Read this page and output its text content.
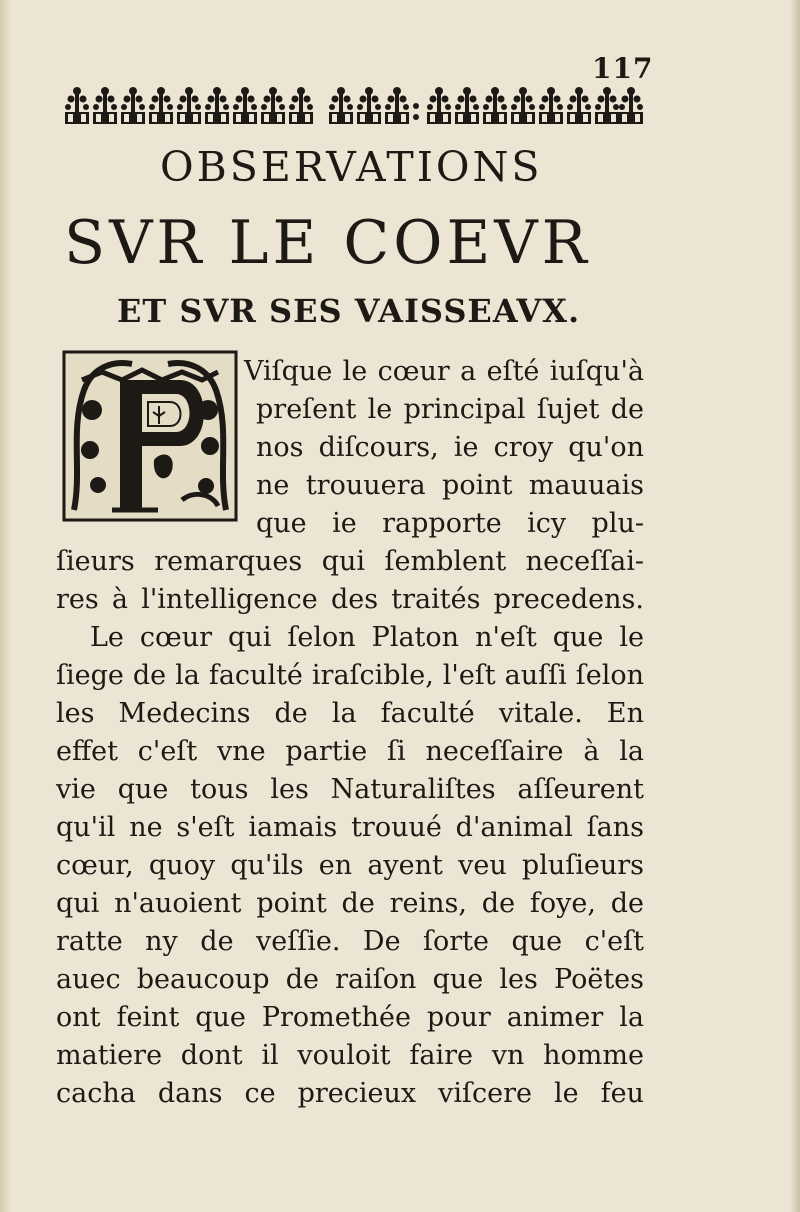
117
OBSERVATIONS
SVR LE COEVR
ET SVR SES VAISSEAVX.
Viſque le cœur a eſté iuſqu'à
preſent le principal ſujet de
nos diſcours, ie croy qu'on
ne trouuera point mauuais
que ie rapporte icy plu-
ſieurs remarques qui ſemblent neceſſai-
res à l'intelligence des traités precedens.
Le cœur qui ſelon Platon n'eſt que le
ſiege de la faculté iraſcible, l'eſt auſſi ſelon
les Medecins de la faculté vitale. En
effet c'eſt vne partie ſi neceſſaire à la
vie que tous les Naturaliſtes aſſeurent
qu'il ne s'eſt iamais trouué d'animal ſans
cœur, quoy qu'ils en ayent veu pluſieurs
qui n'auoient point de reins, de foye, de
ratte ny de veſſie. De ſorte que c'eſt
auec beaucoup de raiſon que les Poëtes
ont feint que Promethée pour animer la
matiere dont il vouloit faire vn homme
cacha dans ce precieux viſcere le feu
